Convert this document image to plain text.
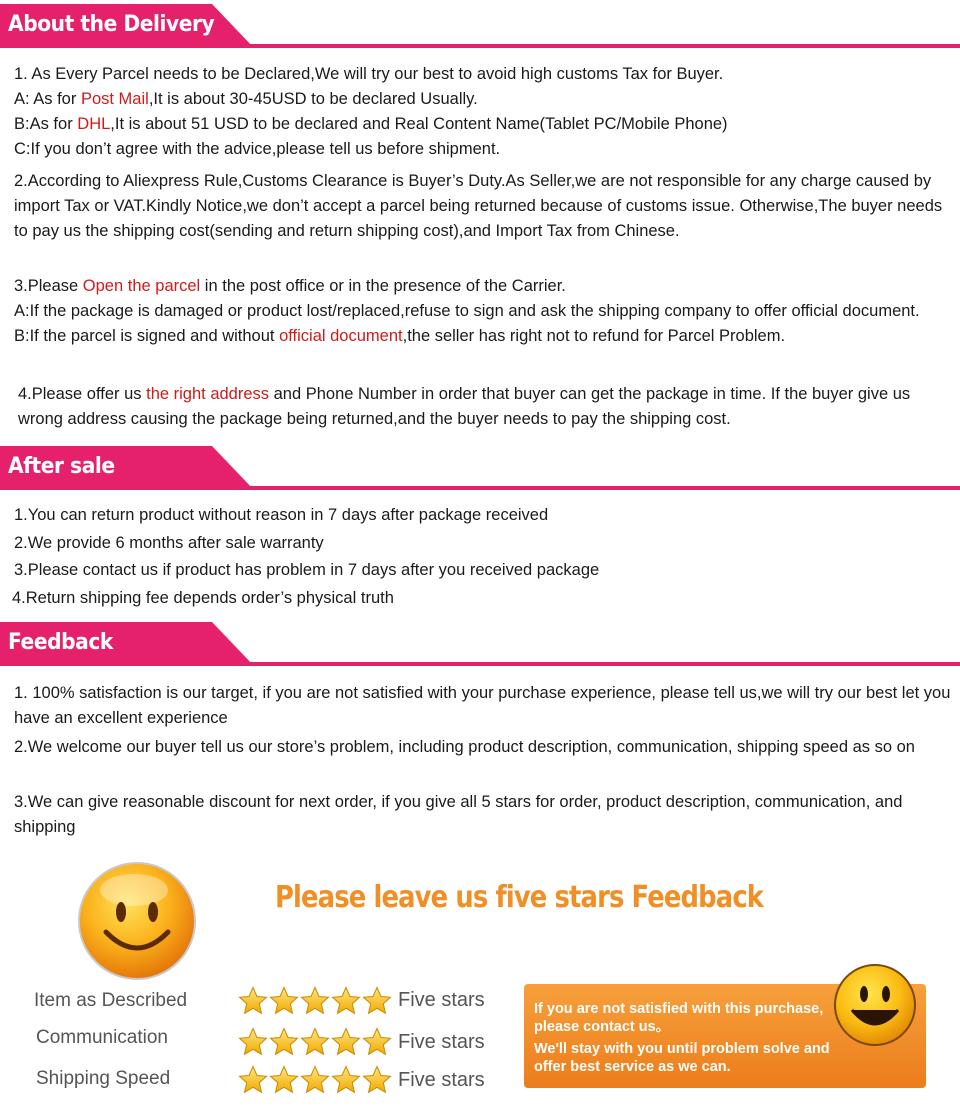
About the Delivery
1. As Every Parcel needs to be Declared,We will try our best to avoid high customs Tax for Buyer.
A: As for Post Mail,It is about 30-45USD to be declared Usually.
B:As for DHL,It is about 51 USD to be declared and Real Content Name(Tablet PC/Mobile Phone)
C:If you don’t agree with the advice,please tell us before shipment.
2.According to Aliexpress Rule,Customs Clearance is Buyer’s Duty.As Seller,we are not responsible for any charge caused by import Tax or VAT.Kindly Notice,we don’t accept a parcel being returned because of customs issue. Otherwise,The buyer needs to pay us the shipping cost(sending and return shipping cost),and Import Tax from Chinese.
3.Please Open the parcel in the post office or in the presence of the Carrier.
A:If the package is damaged or product lost/replaced,refuse to sign and ask the shipping company to offer official document.
B:If the parcel is signed and without official document,the seller has right not to refund for Parcel Problem.
4.Please offer us the right address and Phone Number in order that buyer can get the package in time. If the buyer give us wrong address causing the package being returned,and the buyer needs to pay the shipping cost.
After sale
1.You can return product without reason in 7 days after package received
2.We provide 6 months after sale warranty
3.Please contact us if product has problem in 7 days after you received package
4.Return shipping fee depends order’s physical truth
Feedback
1. 100% satisfaction is our target, if you are not satisfied with your purchase experience, please tell us,we will try our best let you have an excellent experience
2.We welcome our buyer tell us our store’s problem, including product description, communication, shipping speed as so on
3.We can give reasonable discount for next order, if you give all 5 stars for order, product description, communication, and shipping
Please leave us five stars Feedback
Item as Described	Five stars
Communication	Five stars
Shipping Speed	Five stars
If you are not satisfied with this purchase,
please contact us。
We'll stay with you until problem solve and
offer best service as we can.
